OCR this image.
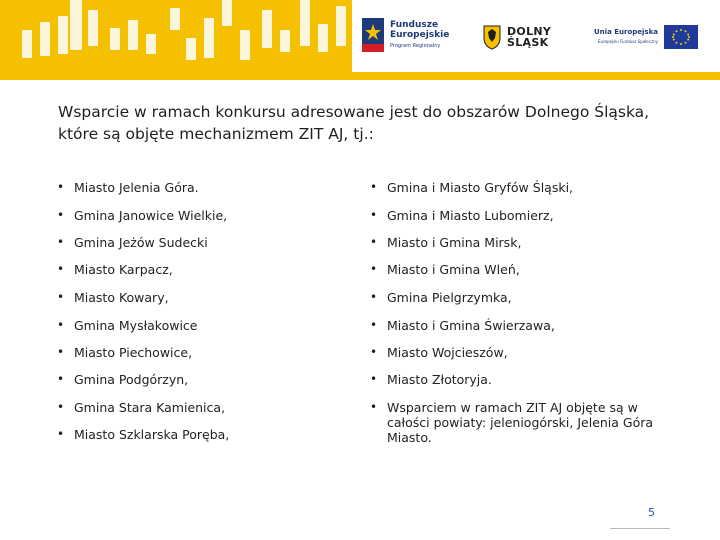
Fundusze
Europejskie
Program Regionalny
DOLNY
ŚLĄSK
Unia Europejska
Europejski Fundusz Społeczny
Wsparcie w ramach konkursu adresowane jest do obszarów Dolnego Śląska, które są objęte mechanizmem ZIT AJ, tj.:
• Miasto Jelenia Góra.
• Gmina Janowice Wielkie,
• Gmina Jeżów Sudecki
• Miasto Karpacz,
• Miasto Kowary,
• Gmina Mysłakowice
• Miasto Piechowice,
• Gmina Podgórzyn,
• Gmina Stara Kamienica,
• Miasto Szklarska Poręba,
• Gmina i Miasto Gryfów Śląski,
• Gmina i Miasto Lubomierz,
• Miasto i Gmina Mirsk,
• Miasto i Gmina Wleń,
• Gmina Pielgrzymka,
• Miasto i Gmina Świerzawa,
• Miasto Wojcieszów,
• Miasto Złotoryja.
• Wsparciem w ramach ZIT AJ objęte są w całości powiaty: jeleniogórski, Jelenia Góra Miasto.
5
